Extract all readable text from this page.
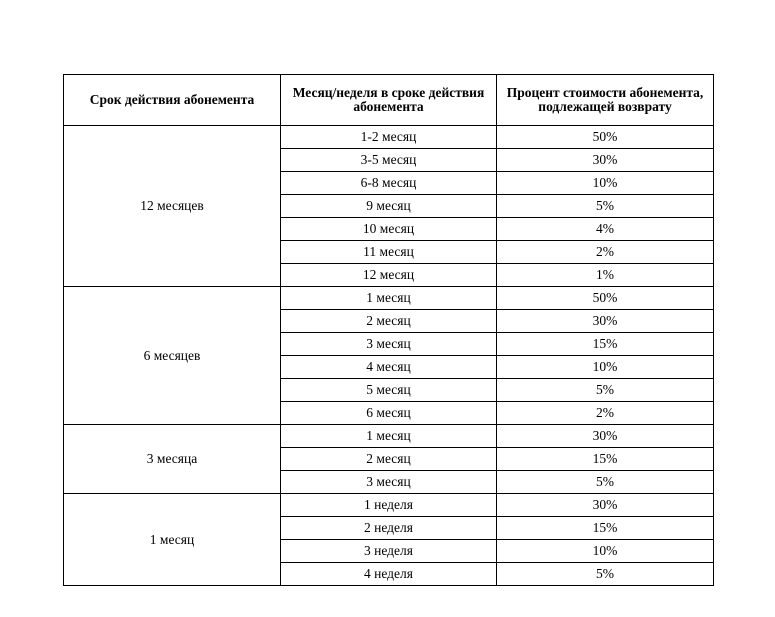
Срок действия абонемента	Месяц/неделя в сроке действия абонемента	Процент стоимости абонемента, подлежащей возврату
12 месяцев	1-2 месяц	50%
	3-5 месяц	30%
	6-8 месяц	10%
	9 месяц	5%
	10 месяц	4%
	11 месяц	2%
	12 месяц	1%
6 месяцев	1 месяц	50%
	2 месяц	30%
	3 месяц	15%
	4 месяц	10%
	5 месяц	5%
	6 месяц	2%
3 месяца	1 месяц	30%
	2 месяц	15%
	3 месяц	5%
1 месяц	1 неделя	30%
	2 неделя	15%
	3 неделя	10%
	4 неделя	5%
